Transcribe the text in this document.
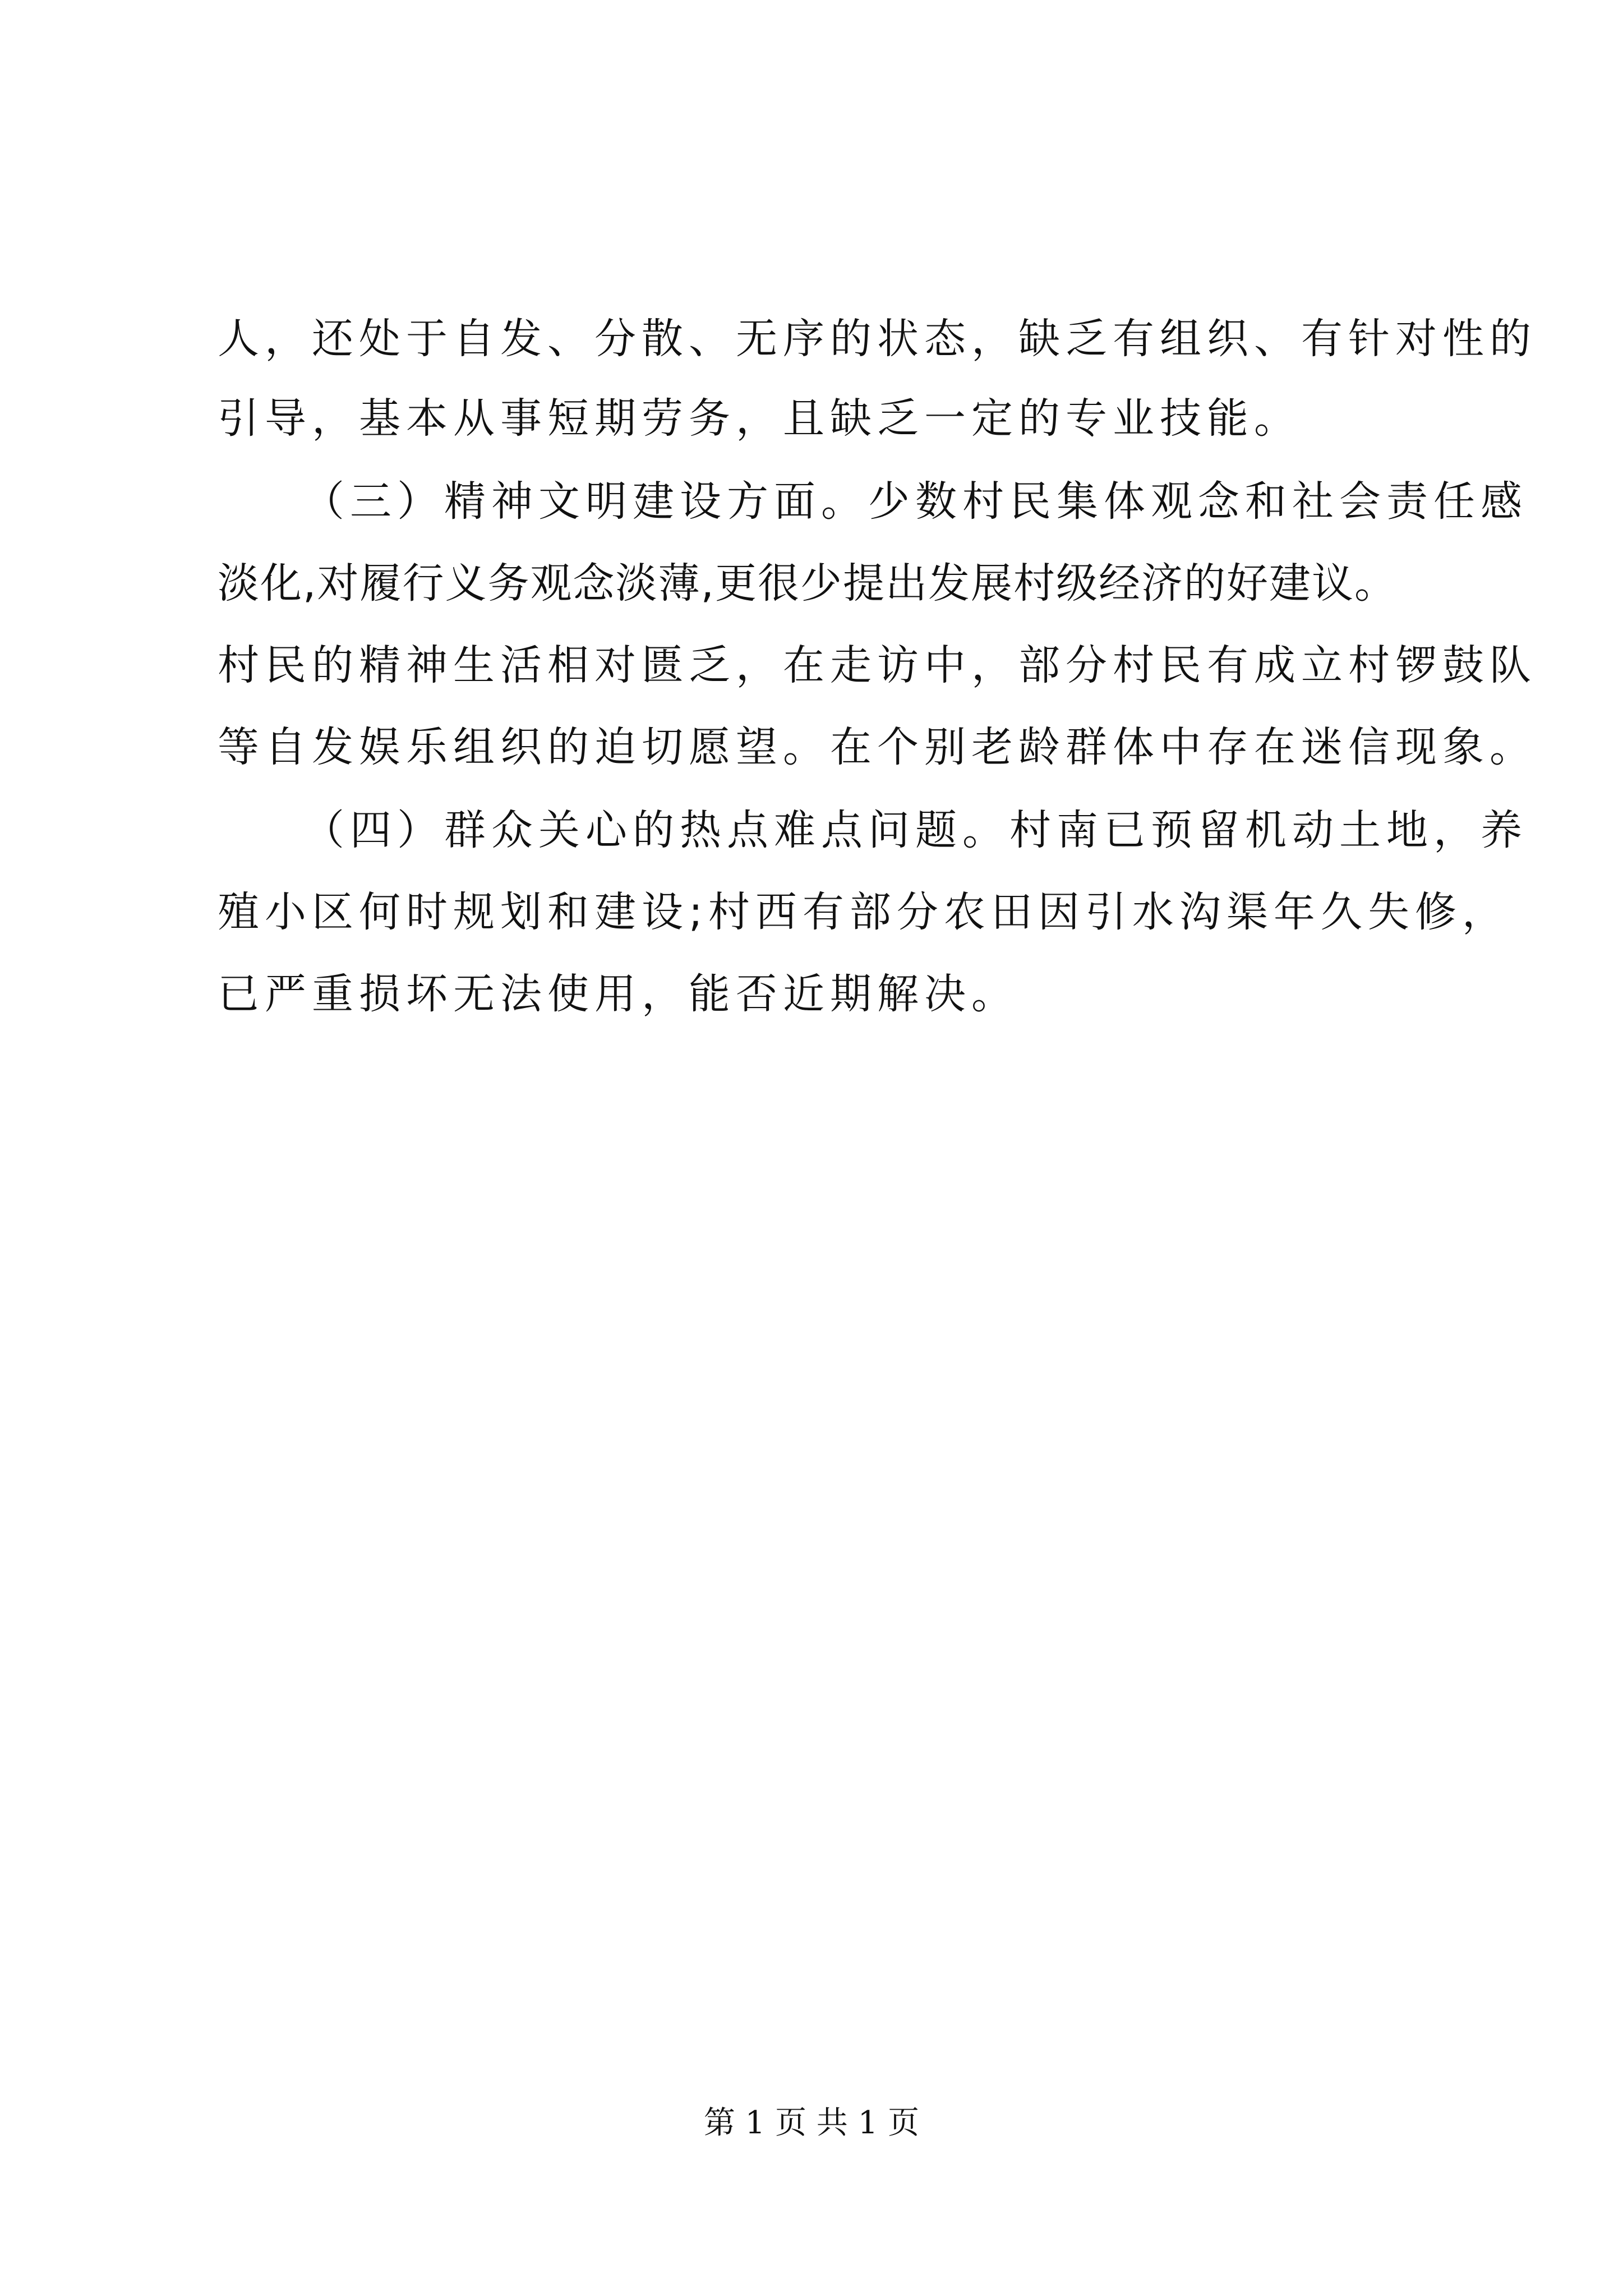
人，还处于自发、分散、无序的状态，缺乏有组织、有针对性的
引导，基本从事短期劳务，且缺乏一定的专业技能。
（三）精神文明建设方面。少数村民集体观念和社会责任感
淡化,对履行义务观念淡薄,更很少提出发展村级经济的好建议。
村民的精神生活相对匮乏，在走访中，部分村民有成立村锣鼓队
等自发娱乐组织的迫切愿望。在个别老龄群体中存在迷信现象。
（四）群众关心的热点难点问题。村南已预留机动土地，养
殖小区何时规划和建设;村西有部分农田因引水沟渠年久失修，
已严重损坏无法使用，能否近期解决。
第 1 页 共 1 页
